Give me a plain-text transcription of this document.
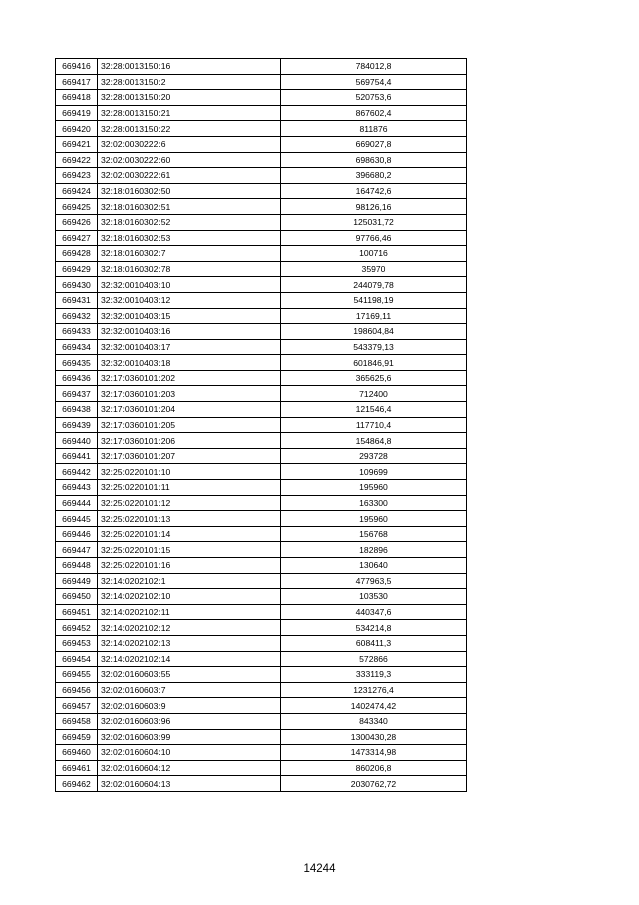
669416	32:28:0013150:16	784012,8
669417	32:28:0013150:2	569754,4
669418	32:28:0013150:20	520753,6
669419	32:28:0013150:21	867602,4
669420	32:28:0013150:22	811876
669421	32:02:0030222:6	669027,8
669422	32:02:0030222:60	698630,8
669423	32:02:0030222:61	396680,2
669424	32:18:0160302:50	164742,6
669425	32:18:0160302:51	98126,16
669426	32:18:0160302:52	125031,72
669427	32:18:0160302:53	97766,46
669428	32:18:0160302:7	100716
669429	32:18:0160302:78	35970
669430	32:32:0010403:10	244079,78
669431	32:32:0010403:12	541198,19
669432	32:32:0010403:15	17169,11
669433	32:32:0010403:16	198604,84
669434	32:32:0010403:17	543379,13
669435	32:32:0010403:18	601846,91
669436	32:17:0360101:202	365625,6
669437	32:17:0360101:203	712400
669438	32:17:0360101:204	121546,4
669439	32:17:0360101:205	117710,4
669440	32:17:0360101:206	154864,8
669441	32:17:0360101:207	293728
669442	32:25:0220101:10	109699
669443	32:25:0220101:11	195960
669444	32:25:0220101:12	163300
669445	32:25:0220101:13	195960
669446	32:25:0220101:14	156768
669447	32:25:0220101:15	182896
669448	32:25:0220101:16	130640
669449	32:14:0202102:1	477963,5
669450	32:14:0202102:10	103530
669451	32:14:0202102:11	440347,6
669452	32:14:0202102:12	534214,8
669453	32:14:0202102:13	608411,3
669454	32:14:0202102:14	572866
669455	32:02:0160603:55	333119,3
669456	32:02:0160603:7	1231276,4
669457	32:02:0160603:9	1402474,42
669458	32:02:0160603:96	843340
669459	32:02:0160603:99	1300430,28
669460	32:02:0160604:10	1473314,98
669461	32:02:0160604:12	860206,8
669462	32:02:0160604:13	2030762,72
14244
